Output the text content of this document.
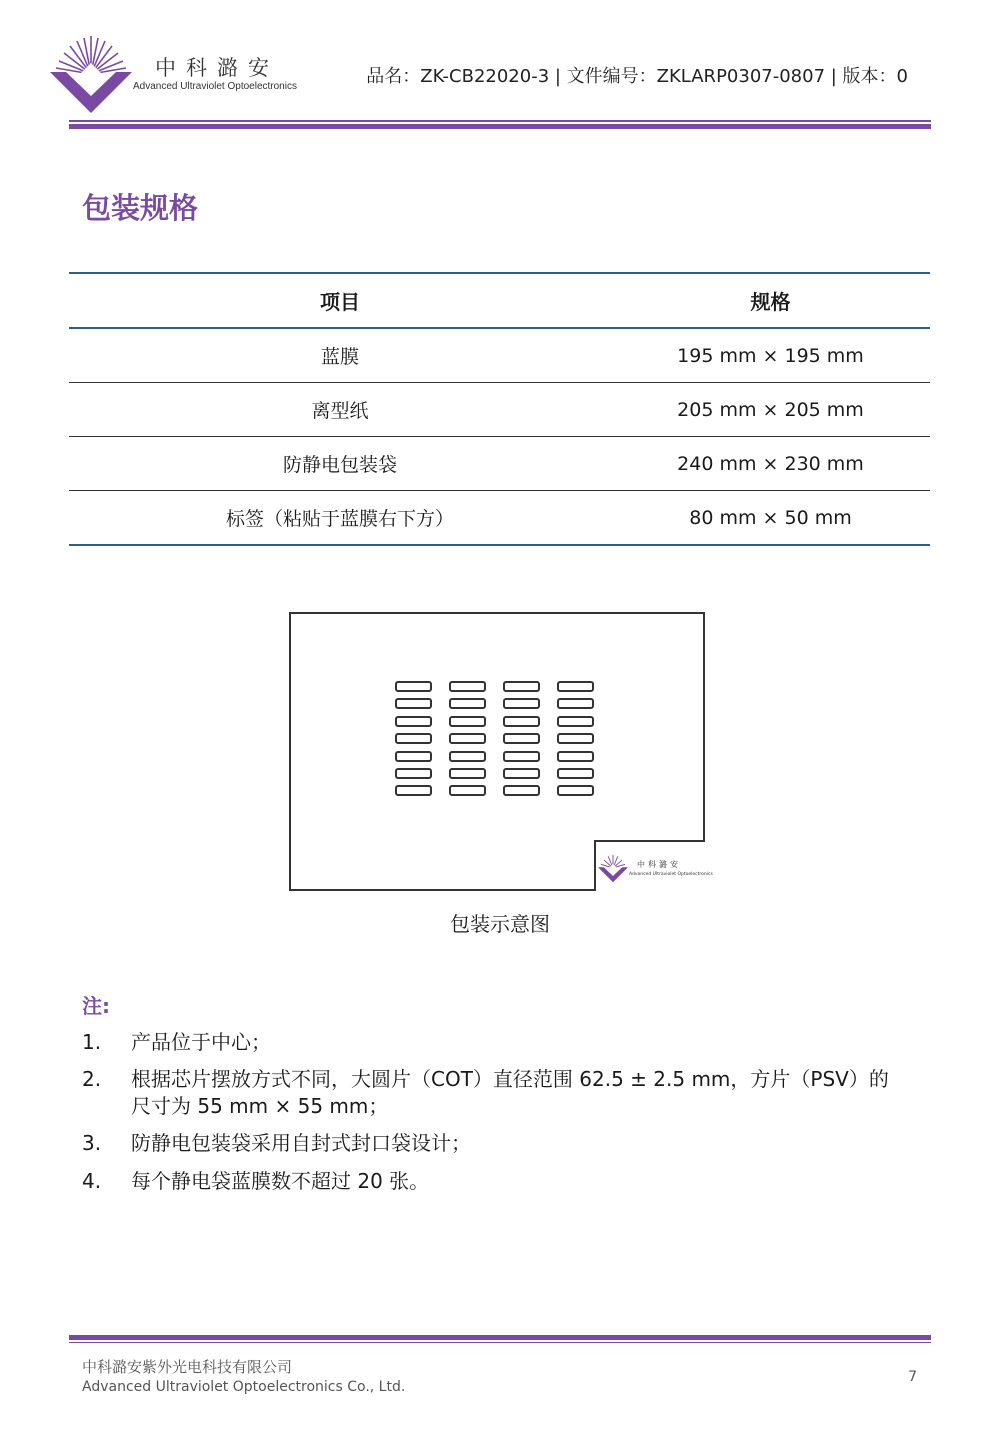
中科潞安
Advanced Ultraviolet Optoelectronics	品名：ZK-CB22020-3 | 文件编号：ZKLARP0307-0807 | 版本：0
包装规格
项目	规格
蓝膜	195 mm × 195 mm
离型纸	205 mm × 205 mm
防静电包装袋	240 mm × 230 mm
标签（粘贴于蓝膜右下方）	80 mm × 50 mm
中科潞安
Advanced Ultraviolet Optoelectronics
包装示意图
注:
1.	产品位于中心；
2.	根据芯片摆放方式不同，大圆片（COT）直径范围 62.5 ± 2.5 mm，方片（PSV）的尺寸为 55 mm × 55 mm；
3.	防静电包装袋采用自封式封口袋设计；
4.	每个静电袋蓝膜数不超过 20 张。
中科潞安紫外光电科技有限公司
Advanced Ultraviolet Optoelectronics Co., Ltd.
7
